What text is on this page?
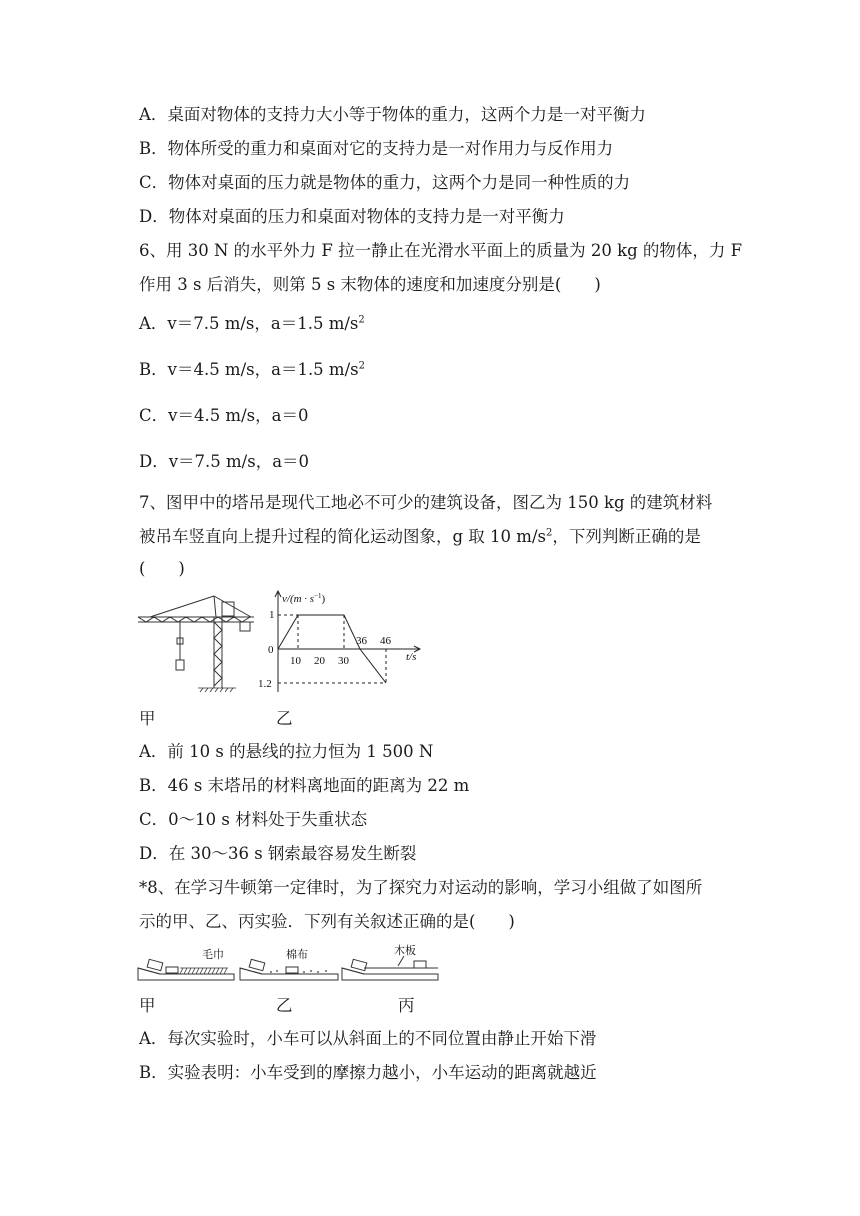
A．桌面对物体的支持力大小等于物体的重力，这两个力是一对平衡力
B．物体所受的重力和桌面对它的支持力是一对作用力与反作用力
C．物体对桌面的压力就是物体的重力，这两个力是同一种性质的力
D．物体对桌面的压力和桌面对物体的支持力是一对平衡力
6、用 30 N 的水平外力 F 拉一静止在光滑水平面上的质量为 20 kg 的物体，力 F
作用 3 s 后消失，则第 5 s 末物体的速度和加速度分别是(　　)
A．v＝7.5 m/s，a＝1.5 $m/s^2$
B．v＝4.5 m/s，a＝1.5 $m/s^2$
C．v＝4.5 m/s，a＝0
D．v＝7.5 m/s，a＝0
7、图甲中的塔吊是现代工地必不可少的建筑设备，图乙为 150 kg 的建筑材料
被吊车竖直向上提升过程的简化运动图象，g 取 10 $m/s^2$，下列判断正确的是
(　　)
$v/(m \cdot s^{-1})$
1
0
1.2
10 20 30
36 46
t/s
甲	乙
A．前 10 s 的悬线的拉力恒为 1 500 N
B．46 s 末塔吊的材料离地面的距离为 22 m
C．0～10 s 材料处于失重状态
D．在 30～36 s 钢索最容易发生断裂
*8、在学习牛顿第一定律时，为了探究力对运动的影响，学习小组做了如图所
示的甲、乙、丙实验．下列有关叙述正确的是(　　)
毛巾	棉布	木板
甲	乙	丙
A．每次实验时，小车可以从斜面上的不同位置由静止开始下滑
B．实验表明：小车受到的摩擦力越小，小车运动的距离就越近
